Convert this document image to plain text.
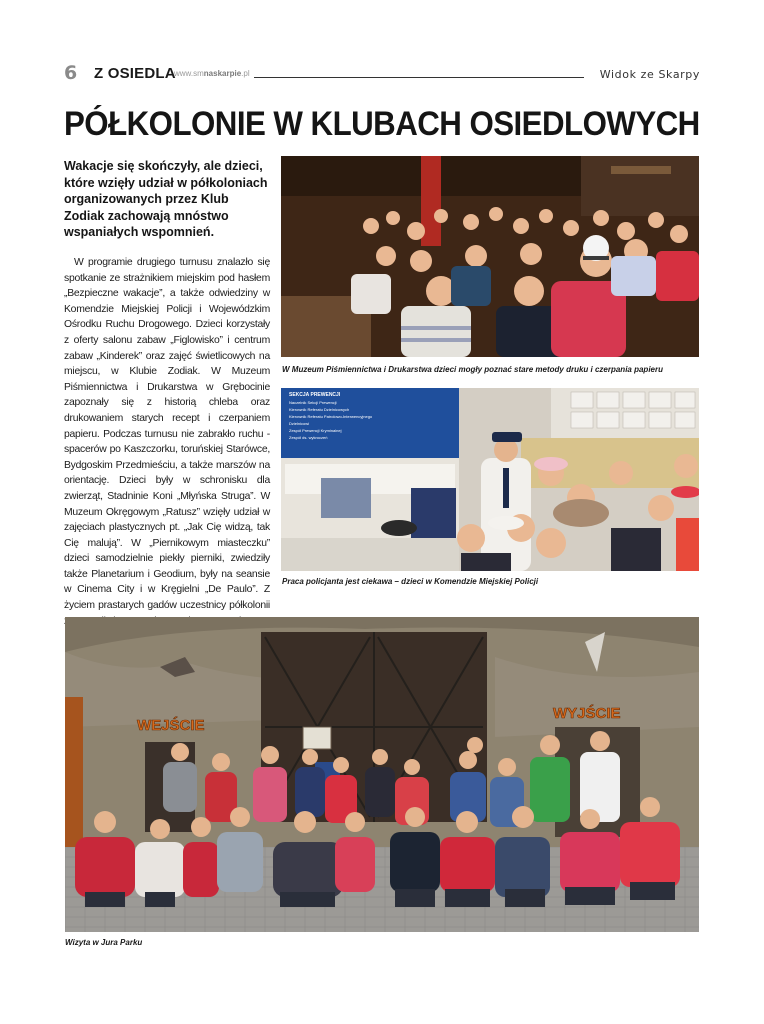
6 Z OSIEDLA
www.smnaskarpie.pl	Widok ze Skarpy
PÓŁKOLONIE W KLUBACH OSIEDLOWYCH

Wakacje się skończyły, ale dzieci, które wzięły udział w półkoloniach organizowanych przez Klub Zodiak zachowają mnóstwo wspaniałych wspomnień.

W programie drugiego turnusu znalazło się spotkanie ze strażnikiem miejskim pod hasłem „Bezpieczne wakacje”, a także odwiedziny w Komendzie Miejskiej Policji i Wojewódzkim Ośrodku Ruchu Drogowego. Dzieci korzystały z oferty salonu zabaw „Figlowisko” i centrum zabaw „Kinderek” oraz zajęć świetlicowych na miejscu, w Klubie Zodiak. W Muzeum Piśmiennictwa i Drukarstwa w Grębocinie zapoznały się z historią chleba oraz drukowaniem starych recept i czerpaniem papieru. Podczas turnusu nie zabrakło ruchu - spacerów po Kaszczorku, toruńskiej Starówce, Bydgoskim Przedmieściu, a także marszów na orientację. Dzieci były w schronisku dla zwierząt, Stadninie Koni „Młyńska Struga”. W Muzeum Okręgowym „Ratusz” wzięły udział w zajęciach plastycznych pt. „Jak Cię widzą, tak Cię malują”. W „Piernikowym miasteczku” dzieci samodzielnie piekły pierniki, zwiedziły także Planetarium i Geodium, były na seansie w Cinema City i w Kręgielni „De Paulo”. Z życiem prastarych gadów uczestnicy półkolonii

W Muzeum Piśmiennictwa i Drukarstwa dzieci mogły poznać stare metody druku i czerpania papieru

SEKCJA PREWENCJI
Naczelnik Sekcji Prewencji
Kierownik Referatu Dzielnicowych
Kierownik Referatu Patrolowo-Interwencyjnego
Dzielnicowi
Zespół Prewencji Kryminalnej
Zespół ds. wykroczeń

Praca policjanta jest ciekawa – dzieci w Komendzie Miejskiej Policji

WEJŚCIE
WYJŚCIE

Wizyta w Jura Parku
